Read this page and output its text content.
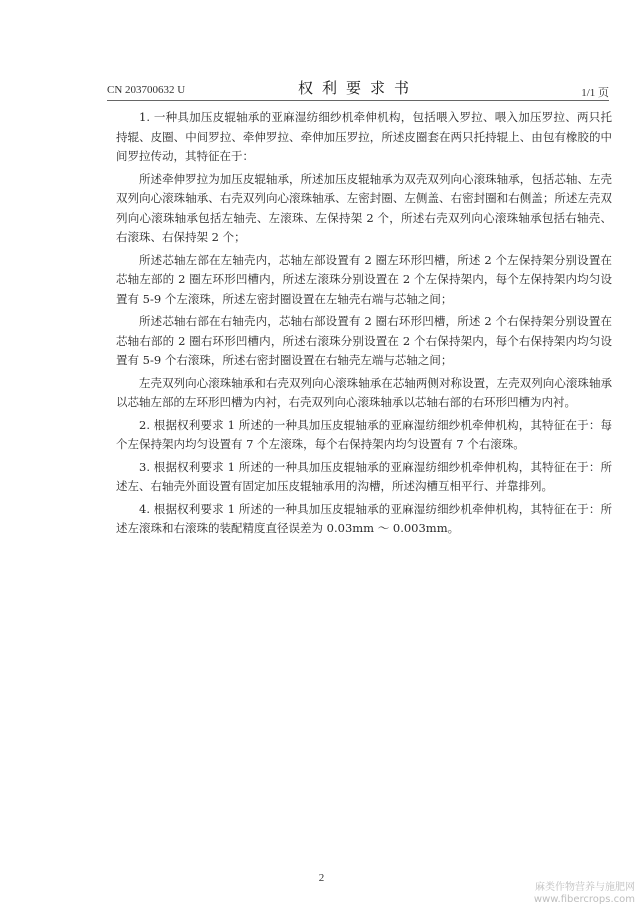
CN 203700632 U	权利要求书	1/1 页

1. 一种具加压皮辊轴承的亚麻湿纺细纱机牵伸机构，包括喂入罗拉、喂入加压罗拉、两只托持辊、皮圈、中间罗拉、牵伸罗拉、牵伸加压罗拉，所述皮圈套在两只托持辊上、由包有橡胶的中间罗拉传动，其特征在于：

所述牵伸罗拉为加压皮辊轴承，所述加压皮辊轴承为双壳双列向心滚珠轴承，包括芯轴、左壳双列向心滚珠轴承、右壳双列向心滚珠轴承、左密封圈、左侧盖、右密封圈和右侧盖；所述左壳双列向心滚珠轴承包括左轴壳、左滚珠、左保持架 2 个，所述右壳双列向心滚珠轴承包括右轴壳、右滚珠、右保持架 2 个；

所述芯轴左部在左轴壳内，芯轴左部设置有 2 圈左环形凹槽，所述 2 个左保持架分别设置在芯轴左部的 2 圈左环形凹槽内，所述左滚珠分别设置在 2 个左保持架内，每个左保持架内均匀设置有 5-9 个左滚珠，所述左密封圈设置在左轴壳右端与芯轴之间；

所述芯轴右部在右轴壳内，芯轴右部设置有 2 圈右环形凹槽，所述 2 个右保持架分别设置在芯轴右部的 2 圈右环形凹槽内，所述右滚珠分别设置在 2 个右保持架内，每个右保持架内均匀设置有 5-9 个右滚珠，所述右密封圈设置在右轴壳左端与芯轴之间；

左壳双列向心滚珠轴承和右壳双列向心滚珠轴承在芯轴两侧对称设置，左壳双列向心滚珠轴承以芯轴左部的左环形凹槽为内衬，右壳双列向心滚珠轴承以芯轴右部的右环形凹槽为内衬。

2. 根据权利要求 1 所述的一种具加压皮辊轴承的亚麻湿纺细纱机牵伸机构，其特征在于：每个左保持架内均匀设置有 7 个左滚珠，每个右保持架内均匀设置有 7 个右滚珠。

3. 根据权利要求 1 所述的一种具加压皮辊轴承的亚麻湿纺细纱机牵伸机构，其特征在于：所述左、右轴壳外面设置有固定加压皮辊轴承用的沟槽，所述沟槽互相平行、并靠排列。

4. 根据权利要求 1 所述的一种具加压皮辊轴承的亚麻湿纺细纱机牵伸机构，其特征在于：所述左滚珠和右滚珠的装配精度直径误差为 0.03mm ～ 0.003mm。

2
麻类作物营养与施肥网
www.fibercrops.com
